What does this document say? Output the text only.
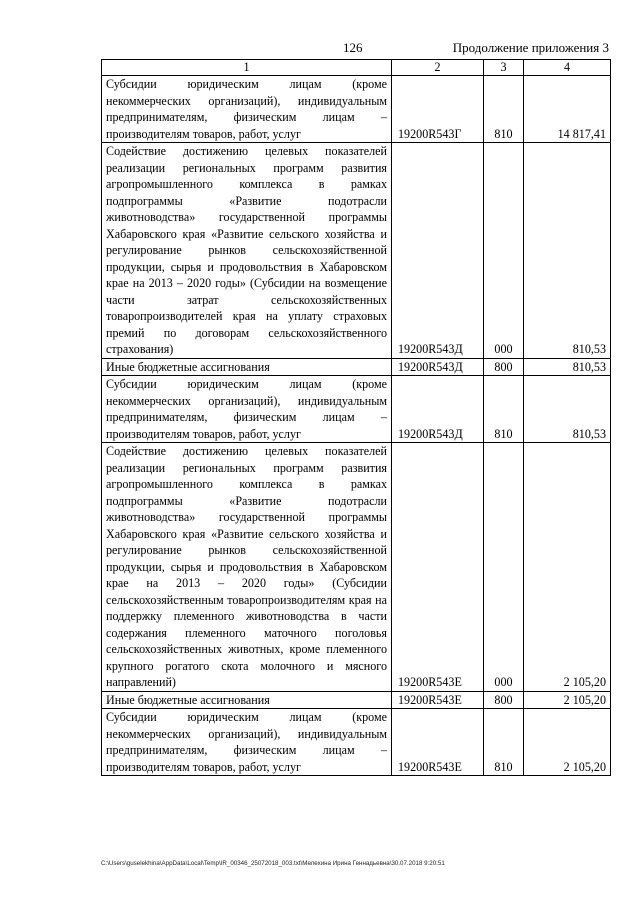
126	Продолжение приложения 3
1	2	3	4
Субсидии юридическим лицам (кроме некоммерческих организаций), индивидуальным предпринимателям, физическим лицам – производителям товаров, работ, услуг	19200R543Г	810	14 817,41
Содействие достижению целевых показателей реализации региональных программ развития агропромышленного комплекса в рамках подпрограммы «Развитие подотрасли животноводства» государственной программы Хабаровского края «Развитие сельского хозяйства и регулирование рынков сельскохозяйственной продукции, сырья и продовольствия в Хабаровском крае на 2013 – 2020 годы» (Субсидии на возмещение части затрат сельскохозяйственных товаропроизводителей края на уплату страховых премий по договорам сельскохозяйственного страхования)	19200R543Д	000	810,53
Иные бюджетные ассигнования	19200R543Д	800	810,53
Субсидии юридическим лицам (кроме некоммерческих организаций), индивидуальным предпринимателям, физическим лицам – производителям товаров, работ, услуг	19200R543Д	810	810,53
Содействие достижению целевых показателей реализации региональных программ развития агропромышленного комплекса в рамках подпрограммы «Развитие подотрасли животноводства» государственной программы Хабаровского края «Развитие сельского хозяйства и регулирование рынков сельскохозяйственной продукции, сырья и продовольствия в Хабаровском крае на 2013 – 2020 годы» (Субсидии сельскохозяйственным товаропроизводителям края на поддержку племенного животноводства в части содержания племенного маточного поголовья сельскохозяйственных животных, кроме племенного крупного рогатого скота молочного и мясного направлений)	19200R543Е	000	2 105,20
Иные бюджетные ассигнования	19200R543Е	800	2 105,20
Субсидии юридическим лицам (кроме некоммерческих организаций), индивидуальным предпринимателям, физическим лицам – производителям товаров, работ, услуг	19200R543Е	810	2 105,20
C:\Users\guselekhina\AppData\Local\Temp\IR_00346_25072018_003.txt\Мелехина Ирина Геннадьевна\30.07.2018 9:20:51
